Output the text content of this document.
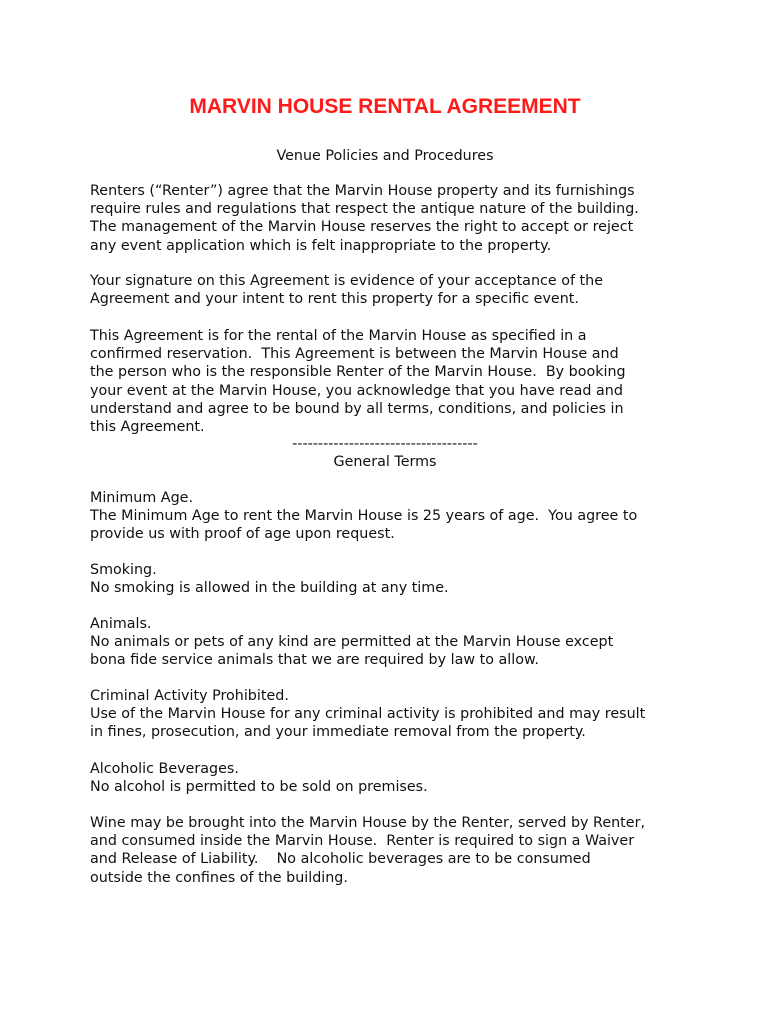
MARVIN HOUSE RENTAL AGREEMENT
Venue Policies and Procedures
Renters (“Renter”) agree that the Marvin House property and its furnishings
require rules and regulations that respect the antique nature of the building.
The management of the Marvin House reserves the right to accept or reject
any event application which is felt inappropriate to the property.
Your signature on this Agreement is evidence of your acceptance of the
Agreement and your intent to rent this property for a specific event.
This Agreement is for the rental of the Marvin House as specified in a
confirmed reservation.  This Agreement is between the Marvin House and
the person who is the responsible Renter of the Marvin House.  By booking
your event at the Marvin House, you acknowledge that you have read and
understand and agree to be bound by all terms, conditions, and policies in
this Agreement.
------------------------------------
General Terms
Minimum Age.
The Minimum Age to rent the Marvin House is 25 years of age.  You agree to
provide us with proof of age upon request.
Smoking.
No smoking is allowed in the building at any time.
Animals.
No animals or pets of any kind are permitted at the Marvin House except
bona fide service animals that we are required by law to allow.
Criminal Activity Prohibited.
Use of the Marvin House for any criminal activity is prohibited and may result
in fines, prosecution, and your immediate removal from the property.
Alcoholic Beverages.
No alcohol is permitted to be sold on premises.
Wine may be brought into the Marvin House by the Renter, served by Renter,
and consumed inside the Marvin House.  Renter is required to sign a Waiver
and Release of Liability.    No alcoholic beverages are to be consumed
outside the confines of the building.
